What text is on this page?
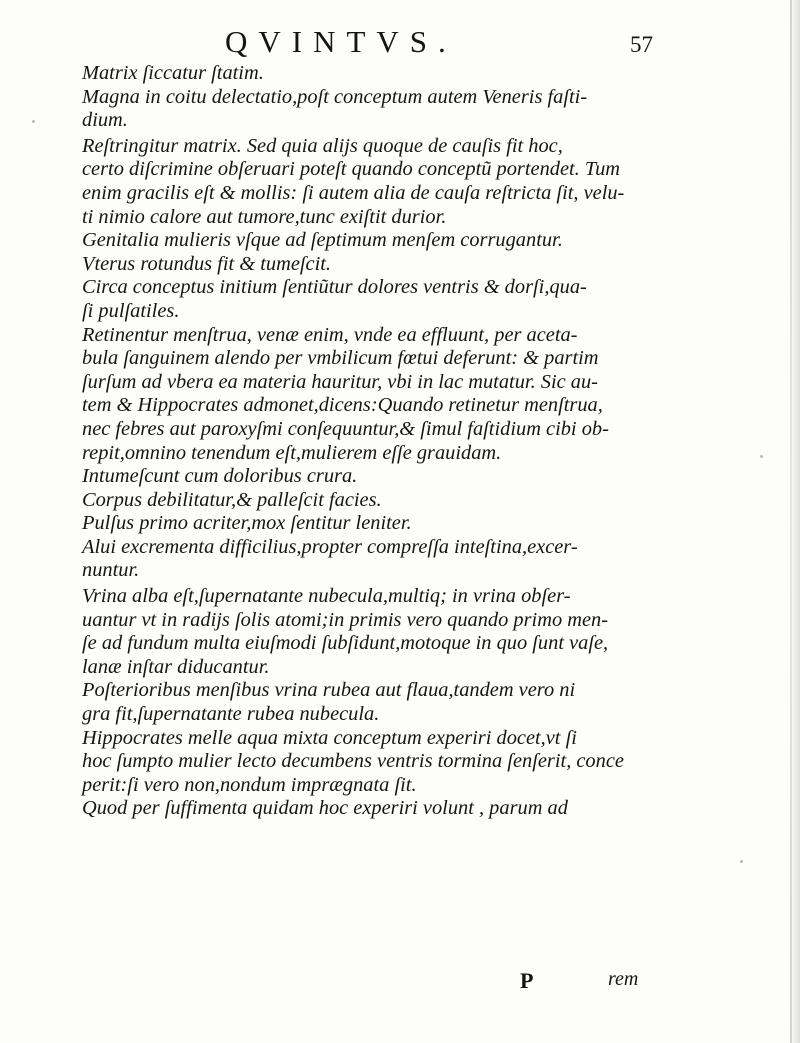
QVINTVS.	57
Matrix ſiccatur ſtatim.
Magna in coitu delectatio,poſt conceptum autem Veneris faſti-
dium.
Reſtringitur matrix. Sed quia alijs quoque de cauſis fit hoc,
certo diſcrimine obſeruari poteſt quando conceptũ portendet. Tum
enim gracilis eſt & mollis: ſi autem alia de cauſa reſtricta ſit, velu-
ti nimio calore aut tumore,tunc exiſtit durior.
Genitalia mulieris vſque ad ſeptimum menſem corrugantur.
Vterus rotundus fit & tumeſcit.
Circa conceptus initium ſentiũtur dolores ventris & dorſi,qua-
ſi pulſatiles.
Retinentur menſtrua, venæ enim, vnde ea effluunt, per aceta-
bula ſanguinem alendo per vmbilicum fœtui deferunt: & partim
ſurſum ad vbera ea materia hauritur, vbi in lac mutatur. Sic au-
tem & Hippocrates admonet,dicens:Quando retinetur menſtrua,
nec febres aut paroxyſmi conſequuntur,& ſimul faſtidium cibi ob-
repit,omnino tenendum eſt,mulierem eſſe grauidam.
Intumeſcunt cum doloribus crura.
Corpus debilitatur,& palleſcit facies.
Pulſus primo acriter,mox ſentitur leniter.
Alui excrementa difficilius,propter compreſſa inteſtina,excer-
nuntur.
Vrina alba eſt,ſupernatante nubecula,multiq; in vrina obſer-
uantur vt in radijs ſolis atomi;in primis vero quando primo men-
ſe ad fundum multa eiuſmodi ſubſidunt,motoque in quo ſunt vaſe,
lanæ inſtar diducantur.
Poſterioribus menſibus vrina rubea aut flaua,tandem vero ni
gra fit,ſupernatante rubea nubecula.
Hippocrates melle aqua mixta conceptum experiri docet,vt ſi
hoc ſumpto mulier lecto decumbens ventris tormina ſenſerit, conce
perit:ſi vero non,nondum imprægnata ſit.
Quod per ſuffimenta quidam hoc experiri volunt , parum ad
P	rem
